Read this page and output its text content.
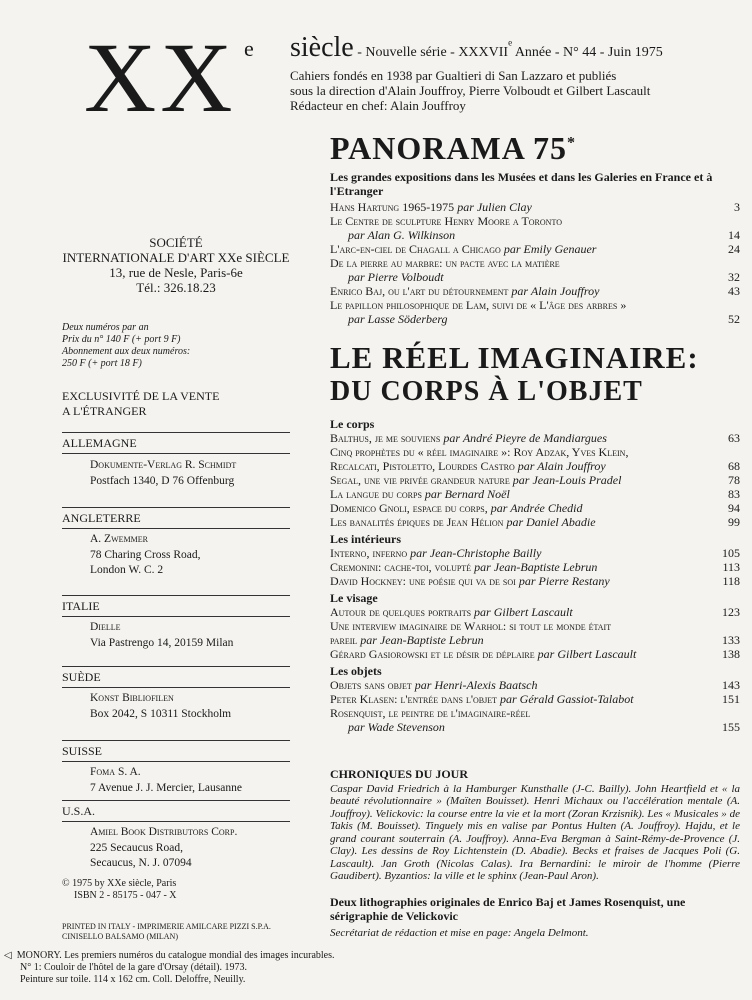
XX e siècle - Nouvelle série - XXXVIIe Année - N° 44 - Juin 1975
Cahiers fondés en 1938 par Gualtieri di San Lazzaro et publiés
sous la direction d'Alain Jouffroy, Pierre Volboudt et Gilbert Lascault
Rédacteur en chef: Alain Jouffroy
SOCIÉTÉ
INTERNATIONALE D'ART XXe SIÈCLE
13, rue de Nesle, Paris-6e
Tél.: 326.18.23
Deux numéros par an
Prix du n° 140 F (+ port 9 F)
Abonnement aux deux numéros:
250 F (+ port 18 F)
EXCLUSIVITÉ DE LA VENTE
A L'ÉTRANGER
ALLEMAGNE
Dokumente-Verlag R. Schmidt
Postfach 1340, D 76 Offenburg
ANGLETERRE
A. Zwemmer
78 Charing Cross Road,
London W. C. 2
ITALIE
Dielle
Via Pastrengo 14, 20159 Milan
SUÈDE
Konst Bibliofilen
Box 2042, S 10311 Stockholm
SUISSE
Foma S. A.
7 Avenue J. J. Mercier, Lausanne
U.S.A.
Amiel Book Distributors Corp.
225 Secaucus Road,
Secaucus, N. J. 07094
© 1975 by XXe siècle, Paris
ISBN 2 - 85175 - 047 - X
PRINTED IN ITALY - IMPRIMERIE AMILCARE PIZZI S.P.A.
CINISELLO BALSAMO (MILAN)
PANORAMA 75*
Les grandes expositions dans les Musées et dans les Galeries en France et à l'Etranger
Hans Hartung 1965-1975 par Julien Clay	3
Le Centre de sculpture Henry Moore a Toronto
par Alan G. Wilkinson	14
L'arc-en-ciel de Chagall a Chicago par Emily Genauer	24
De la pierre au marbre: un pacte avec la matière
par Pierre Volboudt	32
Enrico Baj, ou l'art du détournement par Alain Jouffroy	43
Le papillon philosophique de Lam, suivi de « L'âge des arbres »
par Lasse Söderberg	52
LE RÉEL IMAGINAIRE:
DU CORPS À L'OBJET
Le corps
Balthus, je me souviens par André Pieyre de Mandiargues	63
Cinq prophètes du « réel imaginaire »: Roy Adzak, Yves Klein,
Recalcati, Pistoletto, Lourdes Castro par Alain Jouffroy	68
Segal, une vie privée grandeur nature par Jean-Louis Pradel	78
La langue du corps par Bernard Noël	83
Domenico Gnoli, espace du corps, par Andrée Chedid	94
Les banalités épiques de Jean Hélion par Daniel Abadie	99
Les intérieurs
Interno, inferno par Jean-Christophe Bailly	105
Cremonini: cache-toi, volupté par Jean-Baptiste Lebrun	113
David Hockney: une poésie qui va de soi par Pierre Restany	118
Le visage
Autour de quelques portraits par Gilbert Lascault	123
Une interview imaginaire de Warhol: si tout le monde était
pareil par Jean-Baptiste Lebrun	133
Gérard Gasiorowski et le désir de déplaire par Gilbert Lascault	138
Les objets
Objets sans objet par Henri-Alexis Baatsch	143
Peter Klasen: l'entrée dans l'objet par Gérald Gassiot-Talabot	151
Rosenquist, le peintre de l'imaginaire-réel
par Wade Stevenson	155
CHRONIQUES DU JOUR

Caspar David Friedrich à la Hamburger Kunsthalle (J-C. Bailly). John Heartfield et « la beauté révolutionnaire » (Maïten Bouisset). Henri Michaux ou l'accélération mentale (A. Jouffroy). Velickovic: la course entre la vie et la mort (Zoran Krzisnik). Les « Musicales » de Takis (M. Bouisset). Tinguely mis en valise par Pontus Hulten (A. Jouffroy). Hajdu, et le grand courant souterrain (A. Jouffroy). Anna-Eva Bergman à Saint-Rémy-de-Provence (J. Clay). Les dessins de Roy Lichtenstein (D. Abadie). Becks et fraises de Jacques Poli (G. Lascault). Jan Groth (Nicolas Calas). Ira Bernardini: le miroir de l'homme (Pierre Gaudibert). Byzantios: la ville et le sphinx (Jean-Paul Aron).

Deux lithographies originales de Enrico Baj et James Rosenquist, une sérigraphie de Velickovic
Secrétariat de rédaction et mise en page: Angela Delmont.
◁ MONORY. Les premiers numéros du catalogue mondial des images incurables.
N° 1: Couloir de l'hôtel de la gare d'Orsay (détail). 1973.
Peinture sur toile. 114 x 162 cm. Coll. Deloffre, Neuilly.
